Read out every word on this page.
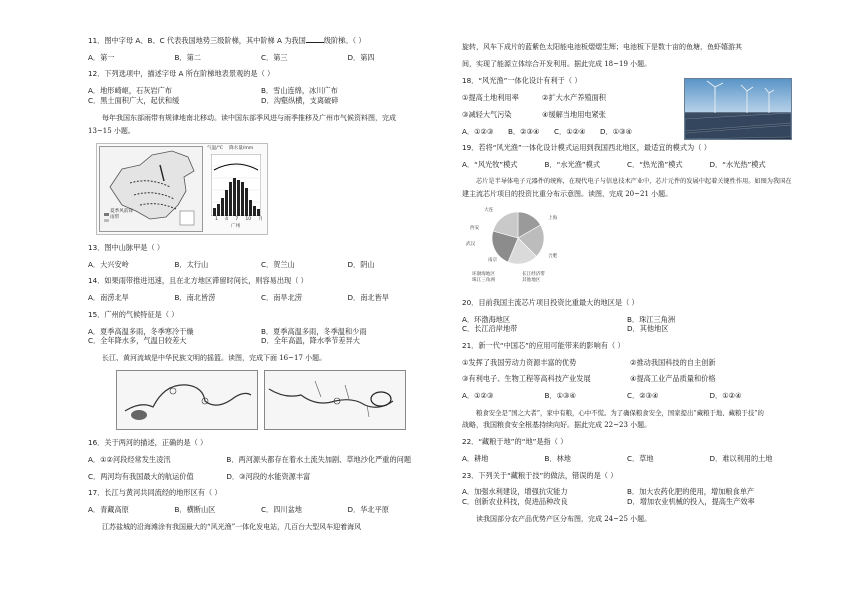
11．图中字母 A、B、C 代表我国地势三级阶梯，其中阶梯 A 为我国	级阶梯。（ ）
A．第一	B．第二	C．第三	D．第四
12．下列选项中，描述字母 A 所在阶梯地表景观的是（ ）
A．地形崎岖，石灰岩广布	B．雪山连绵，冰川广布
C．黑土面积广大，起伏和缓	D．沟壑纵横，支离破碎
每年我国东部雨带有规律地南北移动。读中国东部季风进与雨季推移及广州市气候资料图，完成
13~15 小题。
夏季风前锋
雨带
气温/℃ 降水量/mm
1 4 7 10 月
广州
13．图中山脉甲是（ ）
A．大兴安岭	B．太行山	C．贺兰山	D．阴山
14．如果雨带推进迅速，且在北方地区滞留时间长，则容易出现（ ）
A．南涝北旱	B．南北皆涝	C．南旱北涝	D．南北皆旱
15．广州的气候特征是（ ）
A．夏季高温多雨，冬季寒冷干燥	B．夏季高温多雨，冬季温和少雨
C．全年降水多，气温日较差大	D．全年高温，降水季节差异大
长江、黄河流域是中华民族文明的摇篮。读图，完成下面 16~17 小题。
16．关于两河的描述，正确的是（ ）
A．①②河段经常发生凌汛	B．两河源头都存在着水土流失加剧、草地沙化严重的问题
C．两河均有我国最大的航运价值	D．③河段的水能资源丰富
17．长江与黄河共同流经的地形区有（ ）
A．青藏高原	B．横断山区	C．四川盆地	D．华北平原
江苏盐城的沿海滩涂有我国最大的“风光渔”一体化发电站，几百台大型风车迎着海风
旋转，风车下成片的蓝紫色太阳能电池板熠熠生辉；电池板下是数十亩的鱼塘，鱼虾嬉游其
间，实现了能源立体综合开发利用。据此完成 18~19 小题。
18．“风光渔”一体化设计有利于（ ）
①提高土地利用率	②扩大水产养殖面积
③减轻大气污染	④缓解当地用电紧张
A．①②③ B．②③④ C．①②④ D．①③④
19．若将“风光渔”一体化设计模式运用到我国西北地区，最适宜的模式为（ ）
A．“风光牧”模式	B．“水光渔”模式	C．“热光渔”模式	D．“水光热”模式
芯片是半导体电子元器件的统称，在现代电子与信息技术产业中，芯片元件的发展中起着关键性作用。如图为我国在
建主流芯片项目的投资比重分布示意图。读图，完成 20~21 小题。
大连
上海
合肥
南京
武汉
西安
环渤海地区	长江经济带
珠江三角洲	其他地区
20．目前我国主流芯片项目投资比重最大的地区是（ ）
A．环渤海地区	B．珠江三角洲
C．长江沿岸地带	D．其他地区
21．新一代“中国芯”的应用可能带来的影响有（ ）
①发挥了我国劳动力资源丰富的优势	②推动我国科技的自主创新
③有利电子、生物工程等高科技产业发展	④提高工业产品质量和价格
A．①②③	B．①③④	C．②③④	D．①②④
粮食安全是“国之大者”，家中有粮，心中不慌。为了确保粮食安全，国家提出“藏粮于地、藏粮于技”的
战略，我国粮食安全根基持续向好。据此完成 22~23 小题。
22．“藏粮于地”的“地”是指（ ）
A．耕地	B．林地	C．草地	D．难以利用的土地
23．下列关于“藏粮于技”的做法，错误的是（ ）
A．加强水利建设，增强抗灾能力	B．加大农药化肥的使用，增加粮食单产
C．创新农业科技，促进品种改良	D．增加农业机械的投入，提高生产效率
读我国部分农产品优势产区分布图，完成 24~25 小题。
